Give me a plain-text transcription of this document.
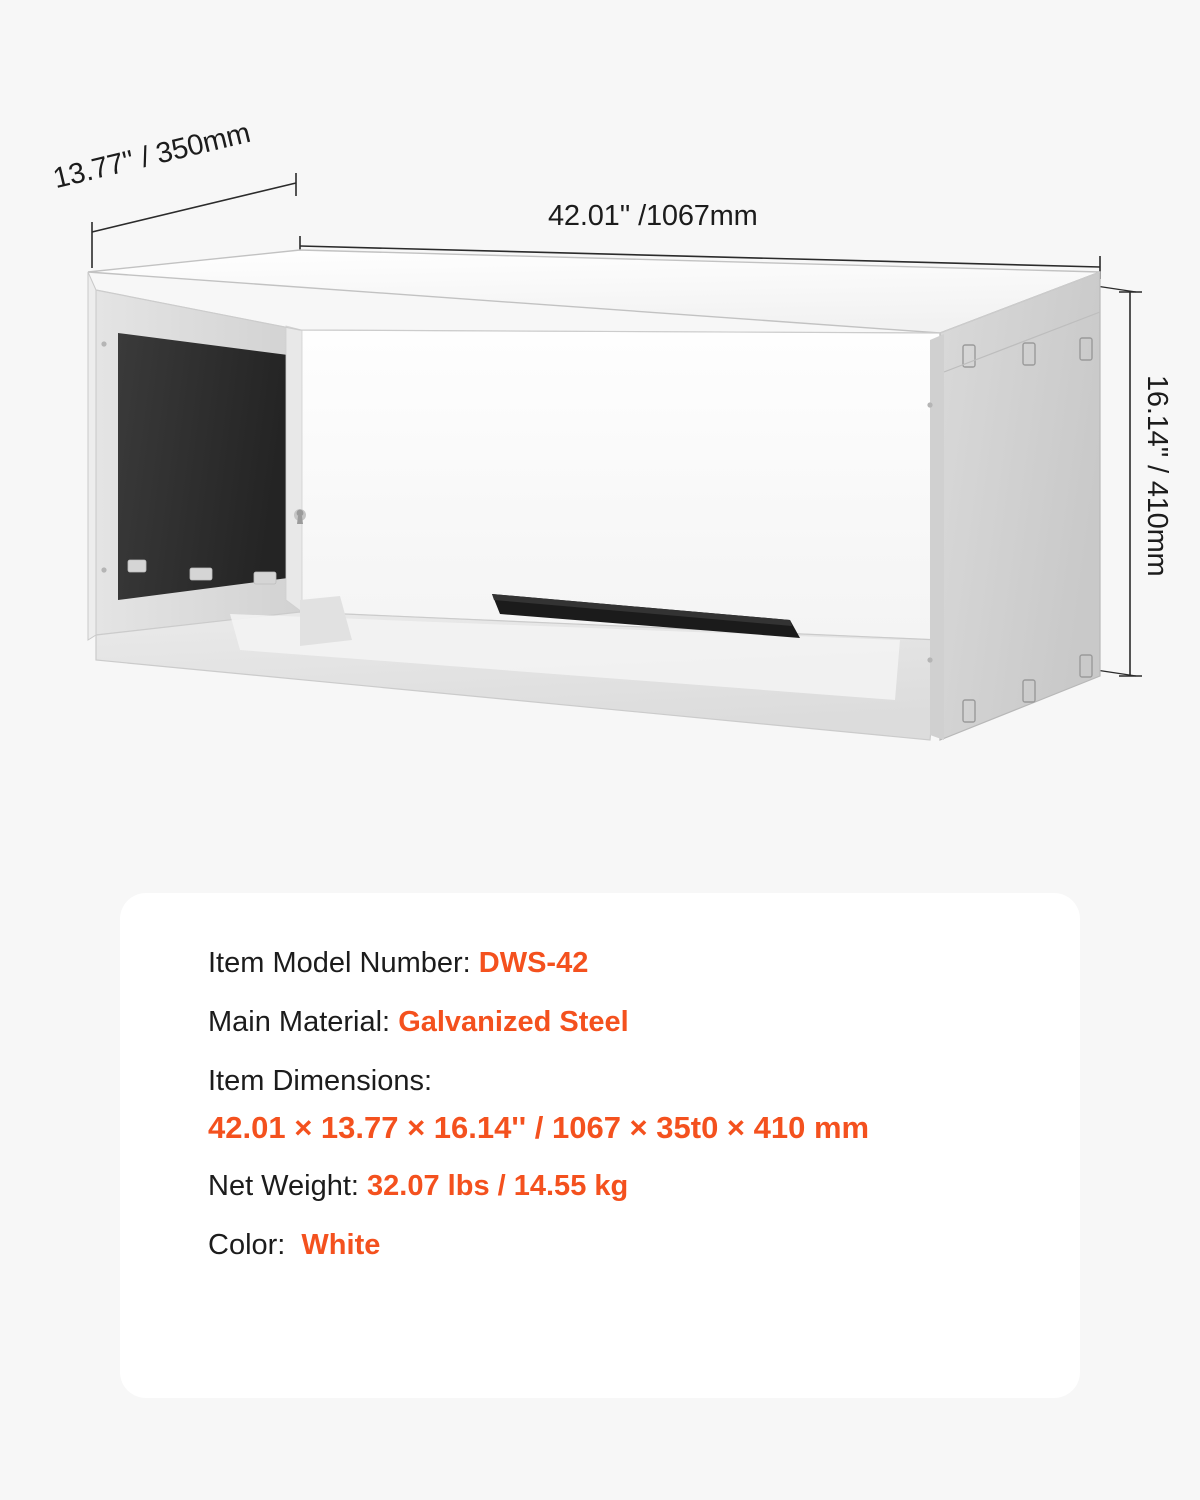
13.77'' / 350mm
42.01'' /1067mm
16.14'' / 410mm
Item Model Number: DWS-42
Main Material: Galvanized Steel
Item Dimensions:
42.01 × 13.77 × 16.14'' / 1067 × 35t0 × 410 mm
Net Weight: 32.07 lbs / 14.55 kg
Color: White
